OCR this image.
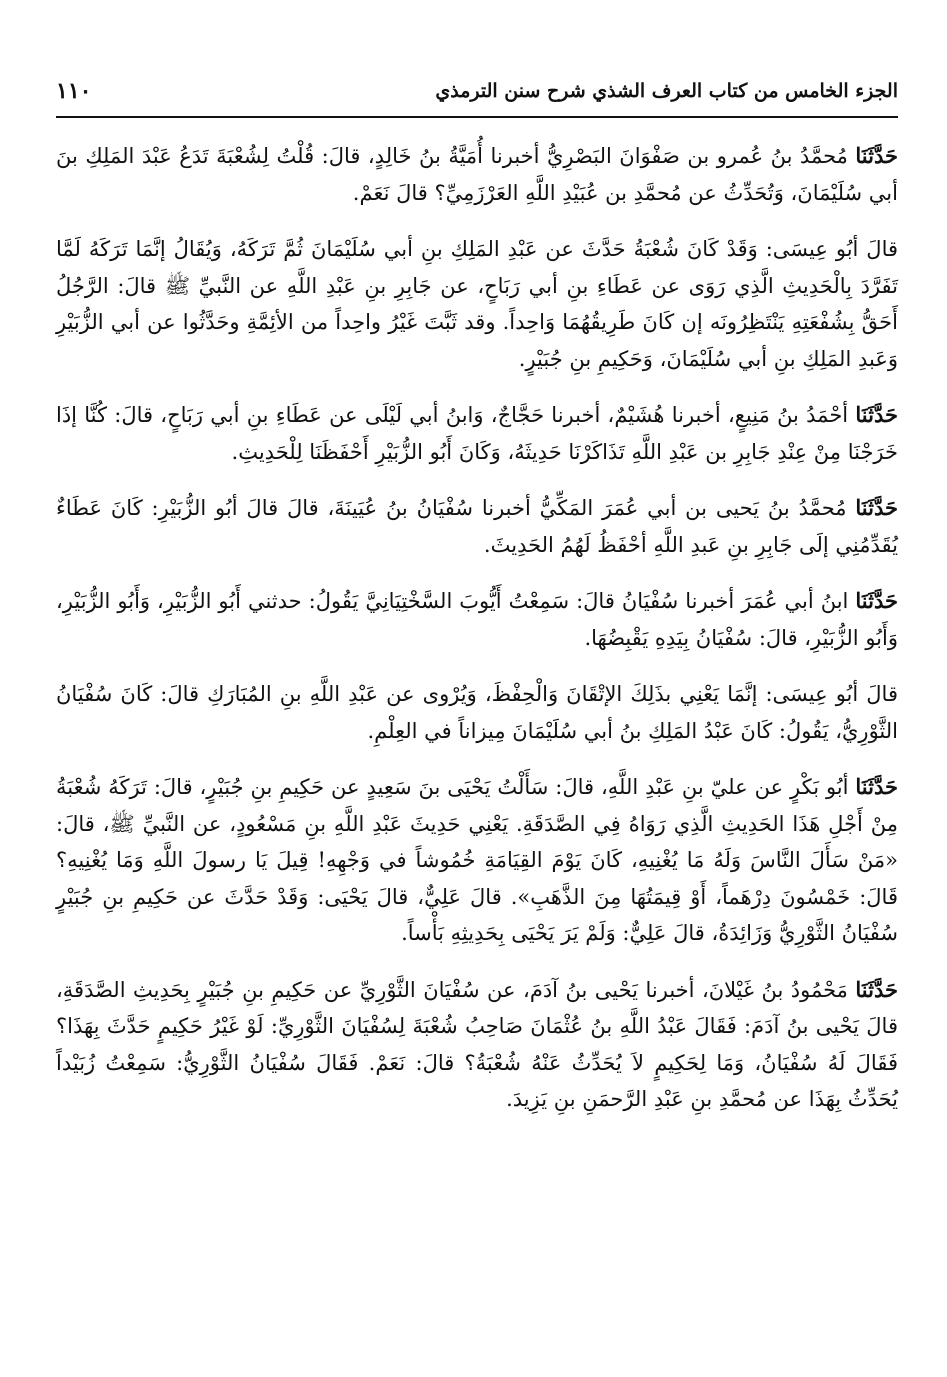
الجزء الخامس من كتاب العرف الشذي شرح سنن الترمذي
١١٠

حَدَّثَنَا مُحمَّدُ بنُ عُمرو بن صَفْوَانَ البَصْرِيُّ أخبرنا أُمَيَّةُ بنُ خَالِدٍ، قالَ: قُلْتُ لِشُعْبَةَ تَدَعُ عَبْدَ المَلِكِ بنَ أبي سُلَيْمَانَ، وَتُحَدِّثُ عن مُحمَّدِ بن عُبَيْدِ اللَّهِ العَرْزَمِيِّ؟ قالَ نَعَمْ.

قالَ أبُو عِيسَى: وَقَدْ كَانَ شُعْبَةُ حَدَّثَ عن عَبْدِ المَلِكِ بنِ أبي سُلَيْمَانَ ثُمَّ تَرَكَهُ، وَيُقَالُ إنَّمَا تَرَكَهُ لَمَّا تَفَرَّدَ بِالْحَدِيثِ الَّذِي رَوَى عن عَطَاءِ بنِ أبي رَبَاحٍ، عن جَابِرِ بنِ عَبْدِ اللَّهِ عن النَّبيِّ ﷺ قالَ: الرَّجُلُ أَحَقُّ بِشُفْعَتِهِ يَنْتَظِرُونَه إن كَانَ طَرِيقُهُمَا وَاحِداً. وقد ثَبَّتَ غَيْرُ واحِداً من الأئِمَّةِ وحَدَّثُوا عن أبي الزُّبَيْرِ وَعَبدِ المَلِكِ بنِ أبي سُلَيْمَانَ، وَحَكِيمِ بنِ جُبَيْرٍ.

حَدَّثَنَا أحْمَدُ بنُ مَنِيعٍ، أخبرنا هُشَيْمٌ، أخبرنا حَجَّاجٌ، وَابنُ أبي لَيْلَى عن عَطَاءِ بنِ أبي رَبَاحٍ، قالَ: كُنَّا إذَا خَرَجْنَا مِنْ عِنْدِ جَابِرِ بن عَبْدِ اللَّهِ تَذَاكَرْنَا حَدِيثَهُ، وَكَانَ أَبُو الزُّبَيْرِ أَحْفَظَنَا لِلْحَدِيثِ.

حَدَّثَنَا مُحمَّدُ بنُ يَحيى بن أبي عُمَرَ المَكِّيُّ أخبرنا سُفْيَانُ بنُ عُيَينَةَ، قالَ قالَ أبُو الزُّبَيْرِ: كَانَ عَطَاءٌ يُقَدِّمُنِي إلَى جَابِرِ بنِ عَبدِ اللَّهِ أحْفَظُ لَهُمُ الحَدِيثَ.

حَدَّثَنَا ابنُ أبي عُمَرَ أخبرنا سُفْيَانُ قالَ: سَمِعْتُ أَيُّوبَ السَّخْتِيَانِيَّ يَقُولُ: حدثني أَبُو الزُّبَيْرِ، وَأَبُو الزُّبَيْرِ، وَأَبُو الزُّبَيْرِ، قالَ: سُفْيَانُ بِيَدِهِ يَقْبِضُهَا.

قالَ أبُو عِيسَى: إنَّمَا يَعْنِي بذَلِكَ الإتْقَانَ وَالْحِفْظَ، وَيُرْوى عن عَبْدِ اللَّهِ بنِ المُبَارَكِ قالَ: كَانَ سُفْيَانُ الثَّوْرِيُّ، يَقُولُ: كَانَ عَبْدُ المَلِكِ بنُ أبي سُلَيْمَانَ مِيزاناً في العِلْمِ.

حَدَّثَنَا أبُو بَكْرٍ عن عليّ بنِ عَبْدِ اللَّهِ، قالَ: سَأَلْتُ يَحْيَى بنَ سَعِيدٍ عن حَكِيمِ بنِ جُبَيْرٍ، قالَ: تَرَكَهُ شُعْبَةُ مِنْ أَجْلِ هَذَا الحَدِيثِ الَّذِي رَوَاهُ فِي الصَّدَقَةِ. يَعْنِي حَدِيثَ عَبْدِ اللَّهِ بنِ مَسْعُودٍ، عن النَّبيِّ ﷺ، قالَ: «مَنْ سَأَلَ النَّاسَ وَلَهُ مَا يُغْنِيهِ، كَانَ يَوْمَ القِيَامَةِ خُمُوشاً في وَجْهِهِ! قِيلَ يَا رسولَ اللَّهِ وَمَا يُغْنِيهِ؟ قَالَ: خَمْسُونَ دِرْهَماً، أَوْ قِيمَتُهَا مِنَ الذَّهَبِ». قالَ عَلِيٌّ، قالَ يَحْيَى: وَقَدْ حَدَّثَ عن حَكِيمِ بنِ جُبَيْرٍ سُفْيَانُ الثَّوْرِيُّ وَزَائِدَةُ، قالَ عَلِيٌّ: وَلَمْ يَرَ يَحْيَى بِحَدِيثِهِ بَأْساً.

حَدَّثَنَا مَحْمُودُ بنُ غَيْلانَ، أخبرنا يَحْيى بنُ آدَمَ، عن سُفْيَانَ الثَّوْرِيِّ عن حَكِيمِ بنِ جُبَيْرٍ بِحَدِيثِ الصَّدَقَةِ، قالَ يَحْيى بنُ آدَمَ: فَقَالَ عَبْدُ اللَّهِ بنُ عُثْمَانَ صَاحِبُ شُعْبَةَ لِسُفْيَانَ الثَّوْرِيِّ: لَوْ غَيْرُ حَكِيمٍ حَدَّثَ بِهَذَا؟ فَقَالَ لَهُ سُفْيَانُ، وَمَا لِحَكِيمٍ لاَ يُحَدِّثُ عَنْهُ شُعْبَةُ؟ قالَ: نَعَمْ. فَقَالَ سُفْيَانُ الثَّوْرِيُّ: سَمِعْتُ زُبَيْداً يُحَدِّثُ بِهَذَا عن مُحمَّدِ بنِ عَبْدِ الرَّحمَنِ بنِ يَزِيدَ.
